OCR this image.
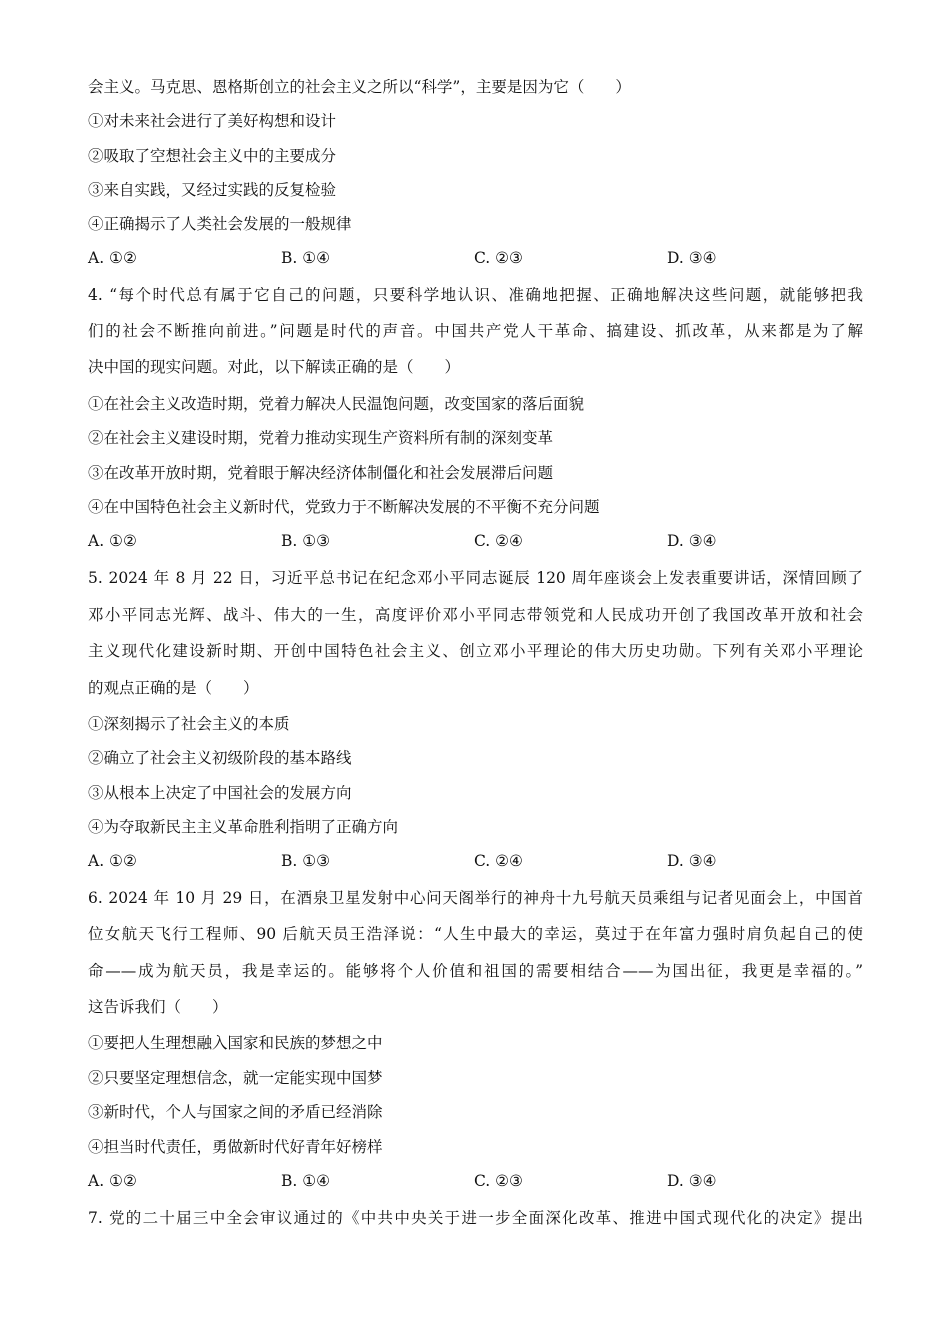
会主义。马克思、恩格斯创立的社会主义之所以“科学”，主要是因为它（　　）
①对未来社会进行了美好构想和设计
②吸取了空想社会主义中的主要成分
③来自实践，又经过实践的反复检验
④正确揭示了人类社会发展的一般规律
A. ①②	B. ①④	C. ②③	D. ③④
4. “每个时代总有属于它自己的问题，只要科学地认识、准确地把握、正确地解决这些问题，就能够把我
们的社会不断推向前进。”问题是时代的声音。中国共产党人干革命、搞建设、抓改革，从来都是为了解
决中国的现实问题。对此，以下解读正确的是（　　）
①在社会主义改造时期，党着力解决人民温饱问题，改变国家的落后面貌
②在社会主义建设时期，党着力推动实现生产资料所有制的深刻变革
③在改革开放时期，党着眼于解决经济体制僵化和社会发展滞后问题
④在中国特色社会主义新时代，党致力于不断解决发展的不平衡不充分问题
A. ①②	B. ①③	C. ②④	D. ③④
5. 2024 年 8 月 22 日，习近平总书记在纪念邓小平同志诞辰 120 周年座谈会上发表重要讲话，深情回顾了
邓小平同志光辉、战斗、伟大的一生，高度评价邓小平同志带领党和人民成功开创了我国改革开放和社会
主义现代化建设新时期、开创中国特色社会主义、创立邓小平理论的伟大历史功勋。下列有关邓小平理论
的观点正确的是（　　）
①深刻揭示了社会主义的本质
②确立了社会主义初级阶段的基本路线
③从根本上决定了中国社会的发展方向
④为夺取新民主主义革命胜利指明了正确方向
A. ①②	B. ①③	C. ②④	D. ③④
6. 2024 年 10 月 29 日，在酒泉卫星发射中心问天阁举行的神舟十九号航天员乘组与记者见面会上，中国首
位女航天飞行工程师、90 后航天员王浩泽说：“人生中最大的幸运，莫过于在年富力强时肩负起自己的使
命——成为航天员，我是幸运的。能够将个人价值和祖国的需要相结合——为国出征，我更是幸福的。”
这告诉我们（　　）
①要把人生理想融入国家和民族的梦想之中
②只要坚定理想信念，就一定能实现中国梦
③新时代，个人与国家之间的矛盾已经消除
④担当时代责任，勇做新时代好青年好榜样
A. ①②	B. ①④	C. ②③	D. ③④
7. 党的二十届三中全会审议通过的《中共中央关于进一步全面深化改革、推进中国式现代化的决定》提出
